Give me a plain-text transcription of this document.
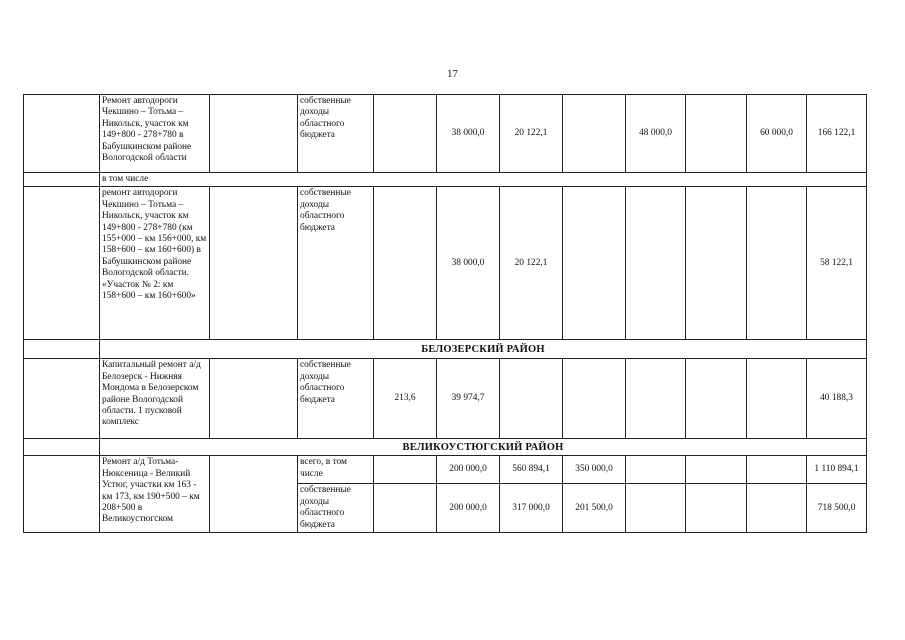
17
	Ремонт автодороги Чекшино – Тотьма – Никольск, участок км 149+800 - 278+780 в Бабушкинском районе Вологодской области		собственные доходы областного бюджета		38 000,0	20 122,1		48 000,0		60 000,0	166 122,1
	в том числе										
	ремонт автодороги Чекшино – Тотьма – Никольск, участок км 149+800 - 278+780 (км 155+000 – км 156+000, км 158+600 – км 160+600) в Бабушкинском районе Вологодской области. «Участок № 2: км 158+600 – км 160+600»		собственные доходы областного бюджета		38 000,0	20 122,1					58 122,1
	БЕЛОЗЕРСКИЙ РАЙОН										
	Капитальный ремонт а/д Белозерск - Нижняя Мондома в Белозерском районе Вологодской области. 1 пусковой комплекс		собственные доходы областного бюджета	213,6	39 974,7						40 188,3
	ВЕЛИКОУСТЮГСКИЙ РАЙОН										
	Ремонт а/д Тотьма-Нюксеница - Великий Устюг, участки км 163 - км 173, км 190+500 – км 208+500 в Великоустюгском		всего, в том числе		200 000,0	560 894,1	350 000,0				1 110 894,1
			собственные доходы областного бюджета		200 000,0	317 000,0	201 500,0				718 500,0
